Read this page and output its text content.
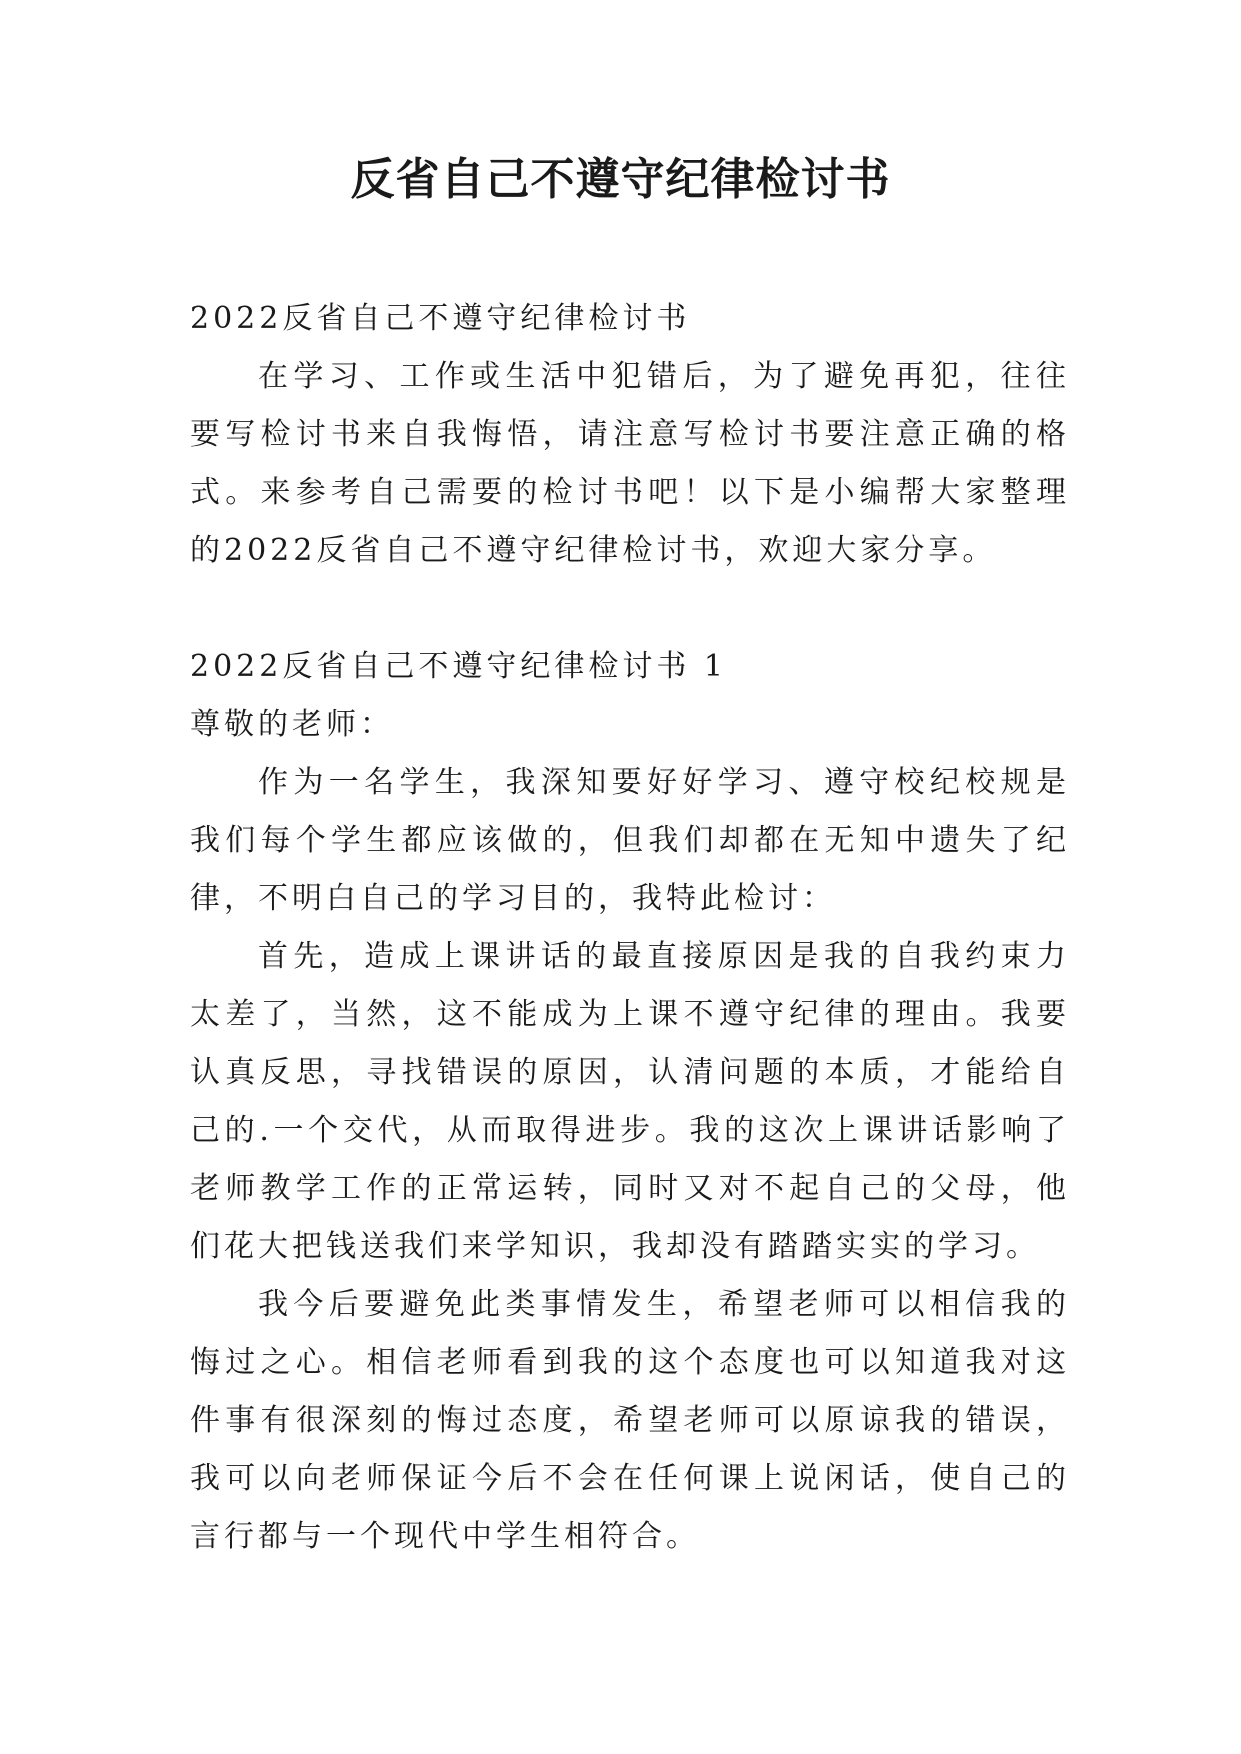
反省自己不遵守纪律检讨书

2022反省自己不遵守纪律检讨书

在学习、工作或生活中犯错后，为了避免再犯，往往要写检讨书来自我悔悟，请注意写检讨书要注意正确的格式。来参考自己需要的检讨书吧！以下是小编帮大家整理的2022反省自己不遵守纪律检讨书，欢迎大家分享。

2022反省自己不遵守纪律检讨书 1

尊敬的老师：

作为一名学生，我深知要好好学习、遵守校纪校规是我们每个学生都应该做的，但我们却都在无知中遗失了纪律，不明白自己的学习目的，我特此检讨：

首先，造成上课讲话的最直接原因是我的自我约束力太差了，当然，这不能成为上课不遵守纪律的理由。我要认真反思，寻找错误的原因，认清问题的本质，才能给自己的.一个交代，从而取得进步。我的这次上课讲话影响了老师教学工作的正常运转，同时又对不起自己的父母，他们花大把钱送我们来学知识，我却没有踏踏实实的学习。

我今后要避免此类事情发生，希望老师可以相信我的悔过之心。相信老师看到我的这个态度也可以知道我对这件事有很深刻的悔过态度，希望老师可以原谅我的错误，我可以向老师保证今后不会在任何课上说闲话，使自己的言行都与一个现代中学生相符合。
